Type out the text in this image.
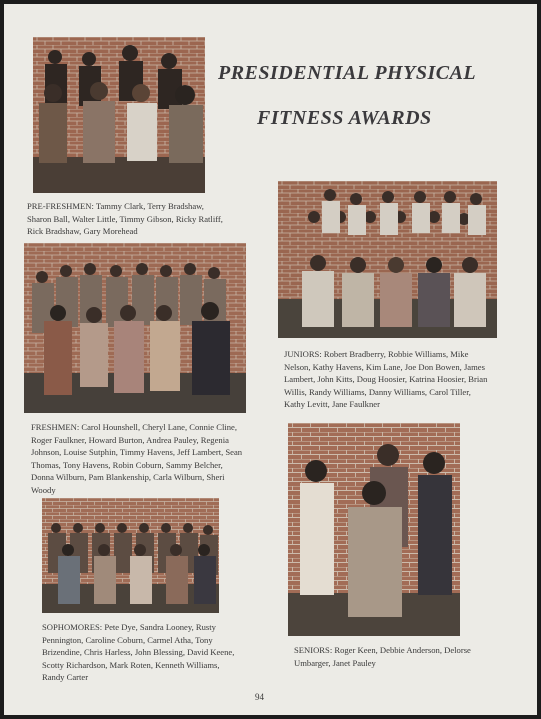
PRESIDENTIAL PHYSICAL
FITNESS AWARDS

PRE-FRESHMEN: Tammy Clark, Terry Bradshaw, Sharon Ball, Walter Little, Timmy Gibson, Ricky Ratliff, Rick Bradshaw, Gary Morehead

FRESHMEN: Carol Hounshell, Cheryl Lane, Connie Cline, Roger Faulkner, Howard Burton, Andrea Pauley, Regenia Johnson, Louise Sutphin, Timmy Havens, Jeff Lambert, Sean Thomas, Tony Havens, Robin Coburn, Sammy Belcher, Donna Wilburn, Pam Blankenship, Carla Wilburn, Sheri Woody

SOPHOMORES: Pete Dye, Sandra Looney, Rusty Pennington, Caroline Coburn, Carmel Atha, Tony Brizendine, Chris Harless, John Blessing, David Keene, Scotty Richardson, Mark Roten, Kenneth Williams, Randy Carter

JUNIORS: Robert Bradberry, Robbie Williams, Mike Nelson, Kathy Havens, Kim Lane, Joe Don Bowen, James Lambert, John Kitts, Doug Hoosier, Katrina Hoosier, Brian Willis, Randy Williams, Danny Williams, Carol Tiller, Kathy Levitt, Jane Faulkner

SENIORS: Roger Keen, Debbie Anderson, Delorse Umbarger, Janet Pauley

94
